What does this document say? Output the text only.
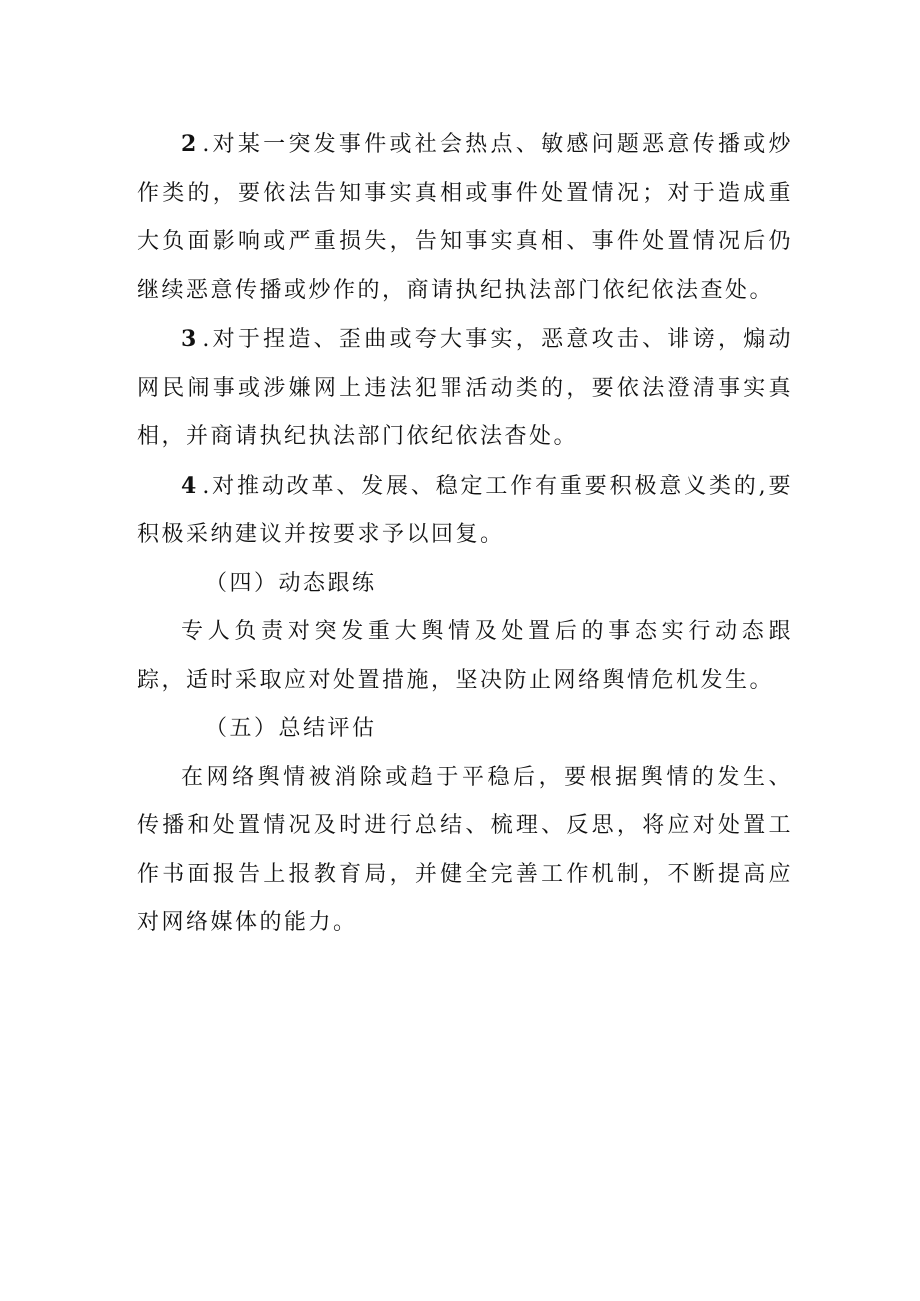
2.对某一突发事件或社会热点、敏感问题恶意传播或炒作类的，要依法告知事实真相或事件处置情况；对于造成重大负面影响或严重损失，告知事实真相、事件处置情况后仍继续恶意传播或炒作的，商请执纪执法部门依纪依法查处。

3.对于捏造、歪曲或夸大事实，恶意攻击、诽谤，煽动网民闹事或涉嫌网上违法犯罪活动类的，要依法澄清事实真相，并商请执纪执法部门依纪依法杳处。

4.对推动改革、发展、稳定工作有重要积极意义类的,要积极采纳建议并按要求予以回复。

（四）动态跟练

专人负责对突发重大舆情及处置后的事态实行动态跟踪，适时采取应对处置措施，坚决防止网络舆情危机发生。

（五）总结评估

在网络舆情被消除或趋于平稳后，要根据舆情的发生、传播和处置情况及时进行总结、梳理、反思，将应对处置工作书面报告上报教育局，并健全完善工作机制，不断提高应对网络媒体的能力。
